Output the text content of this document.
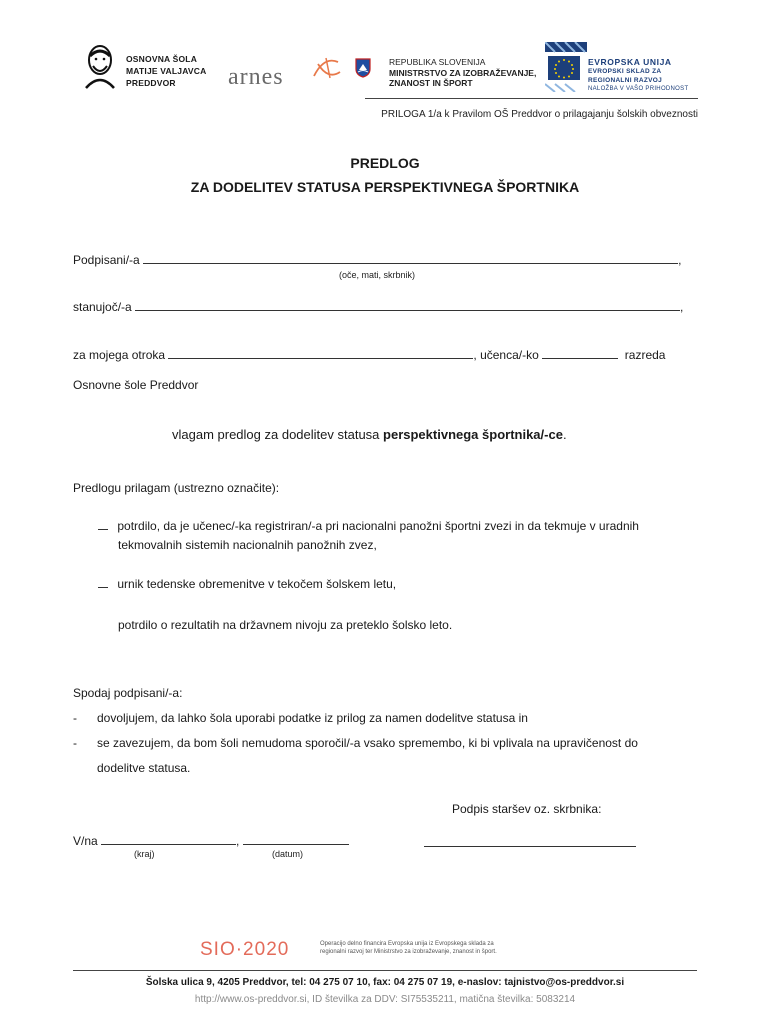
OSNOVNA ŠOLA
MATIJE VALJAVCA
PREDDVOR	arnes
REPUBLIKA SLOVENIJA
MINISTRSTVO ZA IZOBRAŽEVANJE,
ZNANOST IN ŠPORT
EVROPSKA UNIJA
EVROPSKI SKLAD ZA
REGIONALNI RAZVOJ
NALOŽBA V VAŠO PRIHODNOST
PRILOGA 1/a k Pravilom OŠ Preddvor o prilagajanju šolskih obveznosti
PREDLOG
ZA DODELITEV STATUSA PERSPEKTIVNEGA ŠPORTNIKA
Podpisani/-a	,
(oče, mati, skrbnik)
stanujoč/-a	,
za mojega otroka	, učenca/-ko	razreda
Osnovne šole Preddvor
vlagam predlog za dodelitev statusa perspektivnega športnika/-ce.
Predlogu prilagam (ustrezno označite):
potrdilo, da je učenec/-ka registriran/-a pri nacionalni panožni športni zvezi in da tekmuje v uradnih
tekmovalnih sistemih nacionalnih panožnih zvez,
urnik tedenske obremenitve v tekočem šolskem letu,
potrdilo o rezultatih na državnem nivoju za preteklo šolsko leto.
Spodaj podpisani/-a:
- dovoljujem, da lahko šola uporabi podatke iz prilog za namen dodelitve statusa in
- se zavezujem, da bom šoli nemudoma sporočil/-a vsako spremembo, ki bi vplivala na upravičenost do
dodelitve statusa.
Podpis staršev oz. skrbnika:
V/na	,
(kraj)	(datum)
SIO·2020	Operacijo delno financira Evropska unija iz Evropskega sklada za
regionalni razvoj ter Ministrstvo za izobraževanje, znanost in šport.
Šolska ulica 9, 4205 Preddvor, tel: 04 275 07 10, fax: 04 275 07 19, e-naslov: tajnistvo@os-preddvor.si
http://www.os-preddvor.si, ID številka za DDV: SI75535211, matična številka: 5083214
